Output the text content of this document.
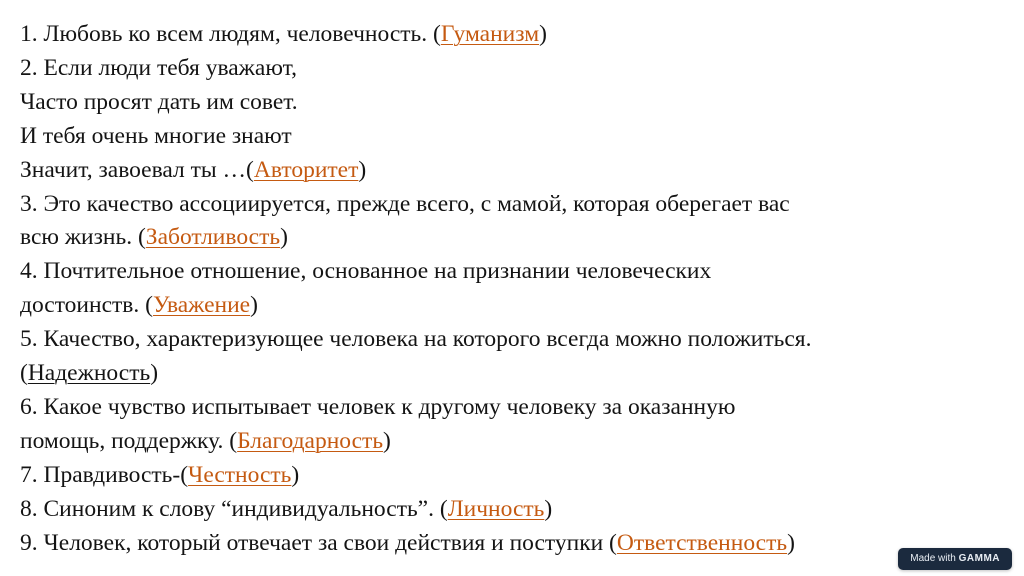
1. Любовь ко всем людям, человечность. (Гуманизм)
2. Если люди тебя уважают,
Часто просят дать им совет.
И тебя очень многие знают
Значит, завоевал ты …(Авторитет)
3. Это качество ассоциируется, прежде всего, с мамой, которая оберегает вас
всю жизнь. (Заботливость)
4. Почтительное отношение, основанное на признании человеческих
достоинств. (Уважение)
5. Качество, характеризующее человека на которого всегда можно положиться.
(Надежность)
6. Какое чувство испытывает человек к другому человеку за оказанную
помощь, поддержку. (Благодарность)
7. Правдивость-(Честность)
8. Синоним к слову “индивидуальность”. (Личность)
9. Человек, который отвечает за свои действия и поступки (Ответственность)
Made with GAMMA
